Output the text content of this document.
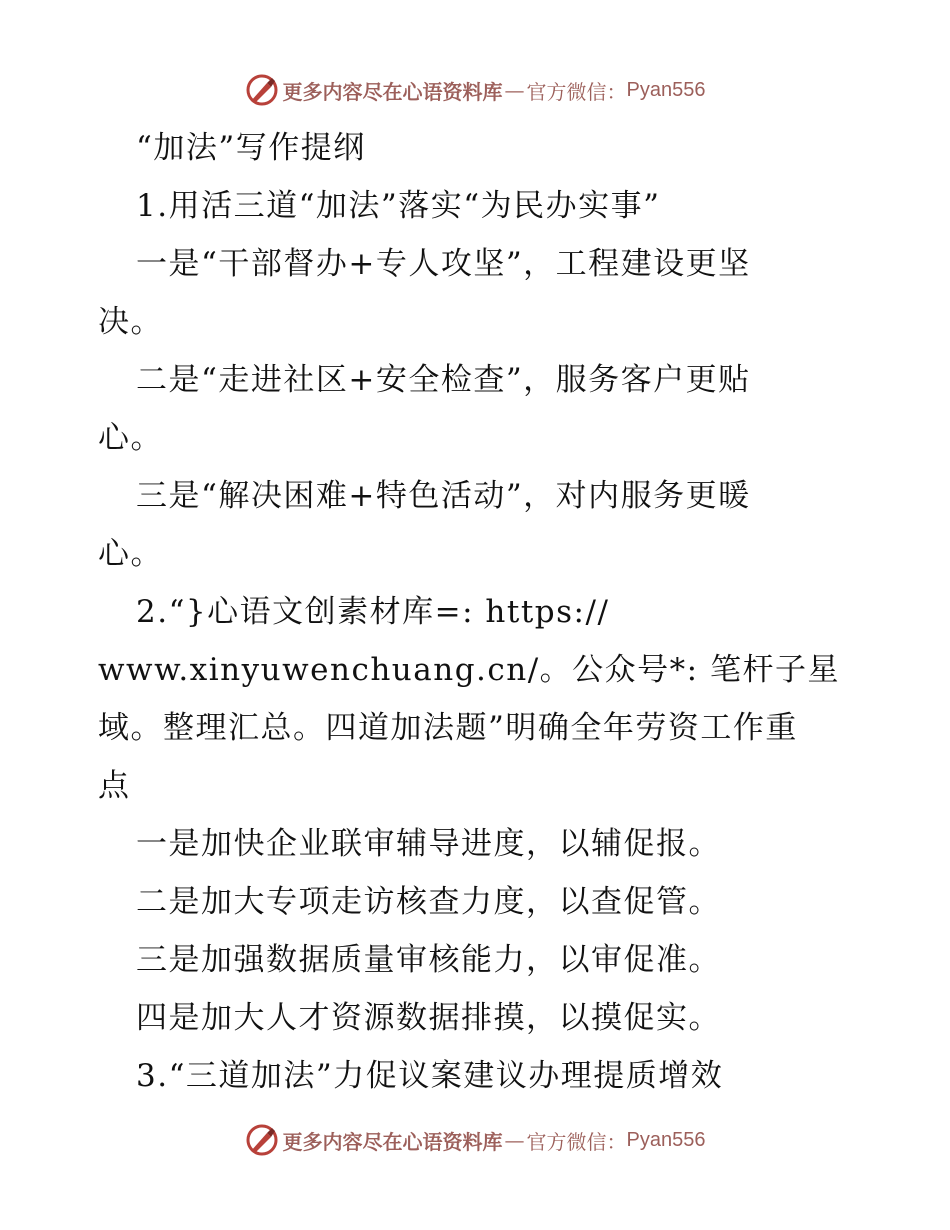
更多内容尽在心语资料库 — 官方微信： Pyan556
“加法”写作提纲
1.用活三道“加法”落实“为民办实事”
一是“干部督办+专人攻坚”，工程建设更坚
决。
二是“走进社区+安全检查”，服务客户更贴
心。
三是“解决困难+特色活动”，对内服务更暖
心。
2.“}心语文创素材库=: https://
www.xinyuwenchuang.cn/。公众号*: 笔杆子星
域。整理汇总。四道加法题”明确全年劳资工作重
点
一是加快企业联审辅导进度，以辅促报。
二是加大专项走访核查力度，以查促管。
三是加强数据质量审核能力，以审促准。
四是加大人才资源数据排摸，以摸促实。
3.“三道加法”力促议案建议办理提质增效
更多内容尽在心语资料库 — 官方微信： Pyan556
